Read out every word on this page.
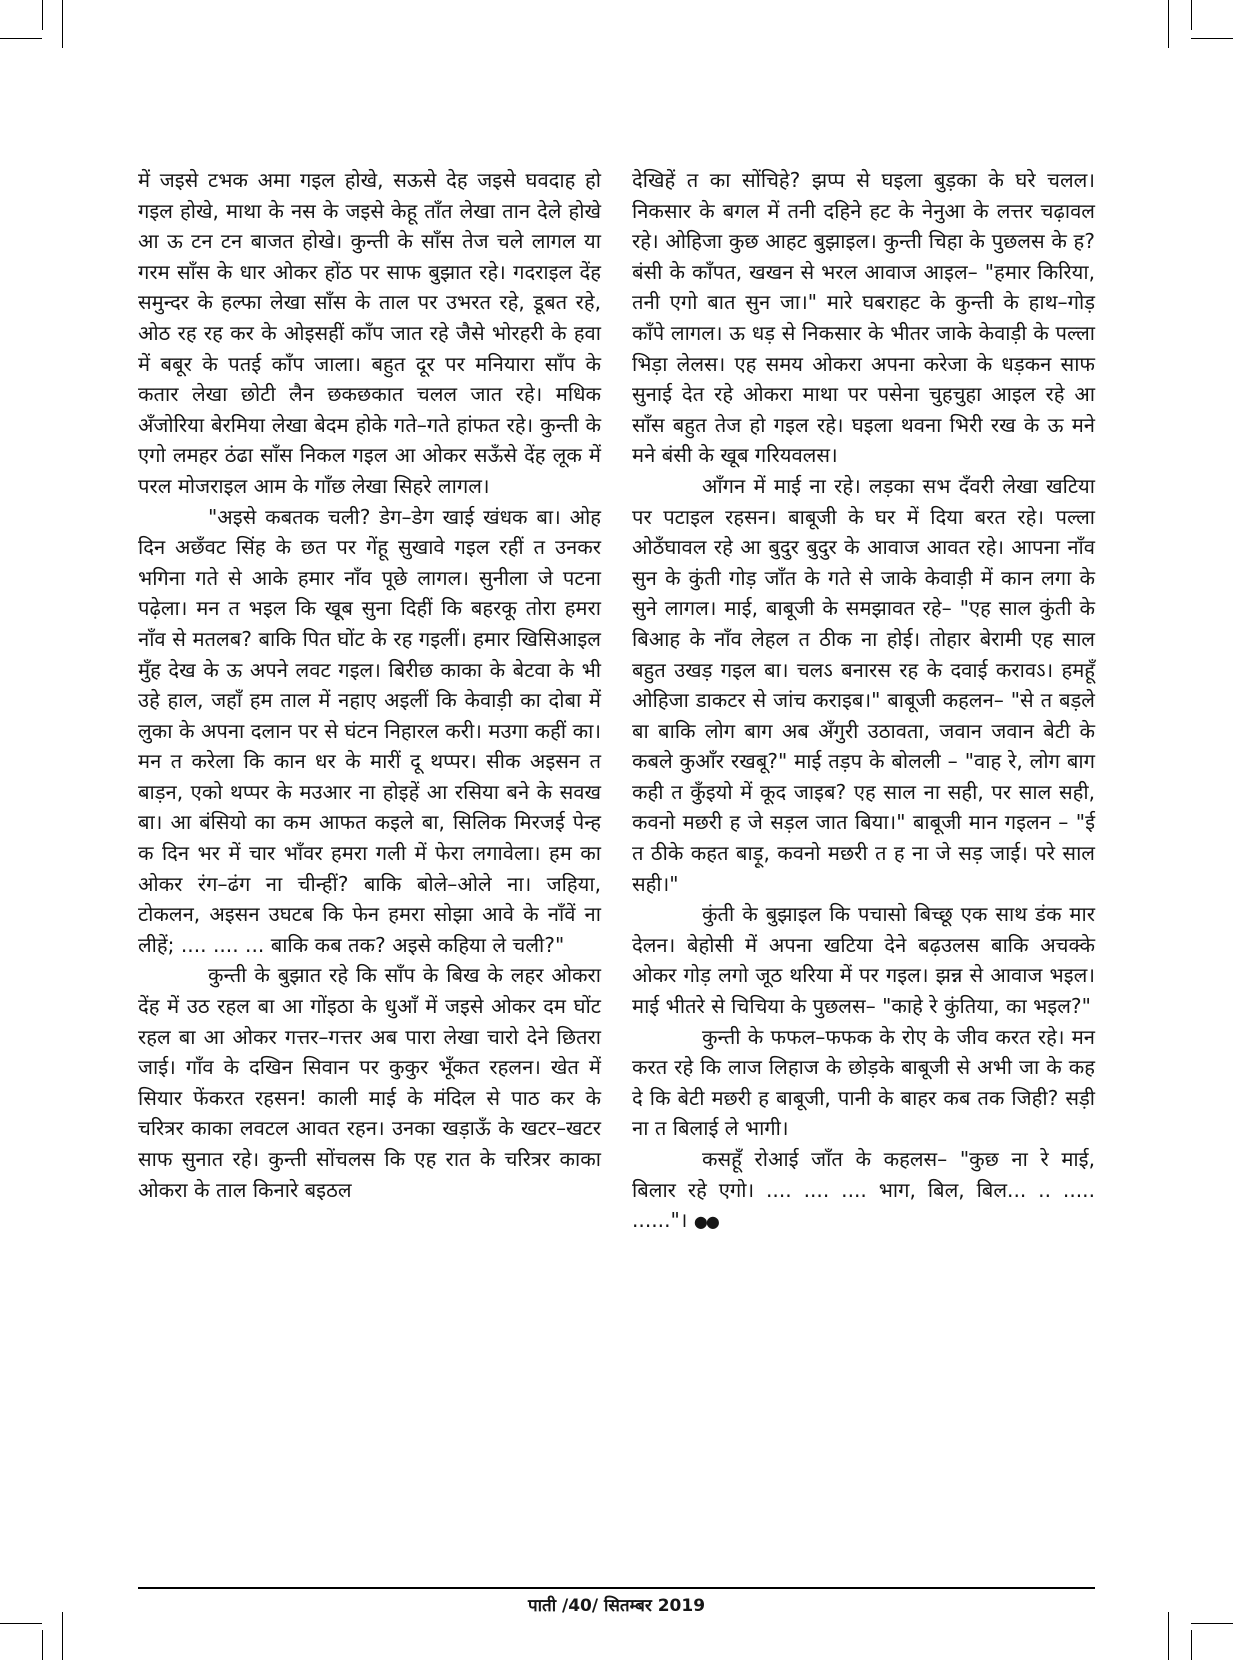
में जइसे टभक अमा गइल होखे, सऊसे देह जइसे घवदाह हो गइल होखे, माथा के नस के जइसे केहू ताँत लेखा तान देले होखे आ ऊ टन टन बाजत होखे। कुन्ती के साँस तेज चले लागल या गरम साँस के धार ओकर होंठ पर साफ बुझात रहे। गदराइल देंह समुन्दर के हल्फा लेखा साँस के ताल पर उभरत रहे, डूबत रहे, ओठ रह रह कर के ओइसहीं काँप जात रहे जैसे भोरहरी के हवा में बबूर के पतई काँप जाला। बहुत दूर पर मनियारा साँप के कतार लेखा छोटी लैन छकछकात चलल जात रहे। मधिक अँजोरिया बेरमिया लेखा बेदम होके गते–गते हांफत रहे। कुन्ती के एगो लमहर ठंढा साँस निकल गइल आ ओकर सऊँसे देंह लूक में परल मोजराइल आम के गाँछ लेखा सिहरे लागल।

"अइसे कबतक चली? डेग–डेग खाई खंधक बा। ओह दिन अछँवट सिंह के छत पर गेंहू सुखावे गइल रहीं त उनकर भगिना गते से आके हमार नाँव पूछे लागल। सुनीला जे पटना पढ़ेला। मन त भइल कि खूब सुना दिहीं कि बहरकू तोरा हमरा नाँव से मतलब? बाकि पित घोंट के रह गइलीं। हमार खिसिआइल मुँह देख के ऊ अपने लवट गइल। बिरीछ काका के बेटवा के भी उहे हाल, जहाँ हम ताल में नहाए अइलीं कि केवाड़ी का दोबा में लुका के अपना दलान पर से घंटन निहारल करी। मउगा कहीं का। मन त करेला कि कान धर के मारीं दू थप्पर। सीक अइसन त बाड़न, एको थप्पर के मउआर ना होइहें आ रसिया बने के सवख बा। आ बंसियो का कम आफत कइले बा, सिलिक मिरजई पेन्ह क दिन भर में चार भाँवर हमरा गली में फेरा लगावेला। हम का ओकर रंग–ढंग ना चीन्हीं? बाकि बोले–ओले ना। जहिया, टोकलन, अइसन उघटब कि फेन हमरा सोझा आवे के नाँवें ना लीहें; .... .... ... बाकि कब तक? अइसे कहिया ले चली?"

कुन्ती के बुझात रहे कि साँप के बिख के लहर ओकरा देंह में उठ रहल बा आ गोंइठा के धुआँ में जइसे ओकर दम घोंट रहल बा आ ओकर गत्तर–गत्तर अब पारा लेखा चारो देने छितरा जाई। गाँव के दखिन सिवान पर कुकुर भूँकत रहलन। खेत में सियार फेंकरत रहसन! काली माई के मंदिल से पाठ कर के चरित्रर काका लवटल आवत रहन। उनका खड़ाऊँ के खटर–खटर साफ सुनात रहे। कुन्ती सोंचलस कि एह रात के चरित्रर काका ओकरा के ताल किनारे बइठल

देखिहें त का सोंचिहे? झप्प से घइला बुड़का के घरे चलल। निकसार के बगल में तनी दहिने हट के नेनुआ के लत्तर चढ़ावल रहे। ओहिजा कुछ आहट बुझाइल। कुन्ती चिहा के पुछलस के ह? बंसी के काँपत, खखन से भरल आवाज आइल– "हमार किरिया, तनी एगो बात सुन जा।" मारे घबराहट के कुन्ती के हाथ–गोड़ काँपे लागल। ऊ धड़ से निकसार के भीतर जाके केवाड़ी के पल्ला भिड़ा लेलस। एह समय ओकरा अपना करेजा के धड़कन साफ सुनाई देत रहे ओकरा माथा पर पसेना चुहचुहा आइल रहे आ साँस बहुत तेज हो गइल रहे। घइला थवना भिरी रख के ऊ मने मने बंसी के खूब गरियवलस।

आँगन में माई ना रहे। लड़का सभ दँवरी लेखा खटिया पर पटाइल रहसन। बाबूजी के घर में दिया बरत रहे। पल्ला ओठँघावल रहे आ बुदुर बुदुर के आवाज आवत रहे। आपना नाँव सुन के कुंती गोड़ जाँत के गते से जाके केवाड़ी में कान लगा के सुने लागल। माई, बाबूजी के समझावत रहे– "एह साल कुंती के बिआह के नाँव लेहल त ठीक ना होई। तोहार बेरामी एह साल बहुत उखड़ गइल बा। चलऽ बनारस रह के दवाई करावऽ। हमहूँ ओहिजा डाकटर से जांच कराइब।" बाबूजी कहलन– "से त बड़ले बा बाकि लोग बाग अब अँगुरी उठावता, जवान जवान बेटी के कबले कुआँर रखबू?" माई तड़प के बोलली – "वाह रे, लोग बाग कही त कुँइयो में कूद जाइब? एह साल ना सही, पर साल सही, कवनो मछरी ह जे सड़ल जात बिया।" बाबूजी मान गइलन – "ई त ठीके कहत बाड़ू, कवनो मछरी त ह ना जे सड़ जाई। परे साल सही।"

कुंती के बुझाइल कि पचासो बिच्छू एक साथ डंक मार देलन। बेहोसी में अपना खटिया देने बढ़उलस बाकि अचक्के ओकर गोड़ लगो जूठ थरिया में पर गइल। झन्न से आवाज भइल। माई भीतरे से चिचिया के पुछलस– "काहे रे कुंतिया, का भइल?"

कुन्ती के फफल–फफक के रोए के जीव करत रहे। मन करत रहे कि लाज लिहाज के छोड़के बाबूजी से अभी जा के कह दे कि बेटी मछरी ह बाबूजी, पानी के बाहर कब तक जिही? सड़ी ना त बिलाई ले भागी।

कसहूँ रोआई जाँत के कहलस– "कुछ ना रे माई, बिलार रहे एगो। .... .... .... भाग, बिल, बिल... .. ..... ......"। ●●

पाती /40/ सितम्बर 2019
